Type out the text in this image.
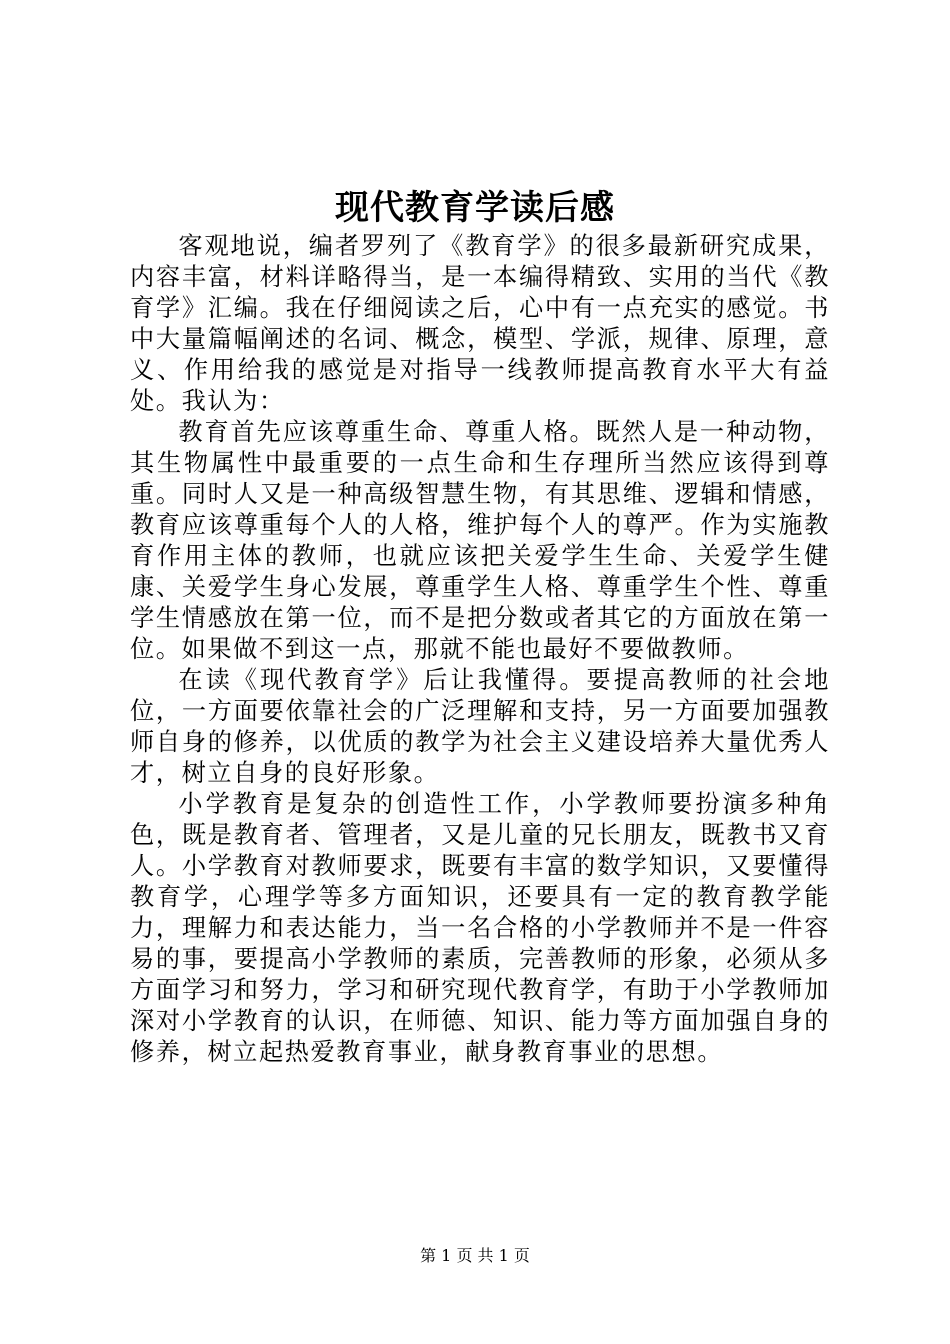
现代教育学读后感

客观地说，编者罗列了《教育学》的很多最新研究成果，内容丰富，材料详略得当，是一本编得精致、实用的当代《教育学》汇编。我在仔细阅读之后，心中有一点充实的感觉。书中大量篇幅阐述的名词、概念，模型、学派，规律、原理，意义、作用给我的感觉是对指导一线教师提高教育水平大有益处。我认为：

教育首先应该尊重生命、尊重人格。既然人是一种动物，其生物属性中最重要的一点生命和生存理所当然应该得到尊重。同时人又是一种高级智慧生物，有其思维、逻辑和情感，教育应该尊重每个人的人格，维护每个人的尊严。作为实施教育作用主体的教师，也就应该把关爱学生生命、关爱学生健康、关爱学生身心发展，尊重学生人格、尊重学生个性、尊重学生情感放在第一位，而不是把分数或者其它的方面放在第一位。如果做不到这一点，那就不能也最好不要做教师。

在读《现代教育学》后让我懂得。要提高教师的社会地位，一方面要依靠社会的广泛理解和支持，另一方面要加强教师自身的修养，以优质的教学为社会主义建设培养大量优秀人才，树立自身的良好形象。

小学教育是复杂的创造性工作，小学教师要扮演多种角色，既是教育者、管理者，又是儿童的兄长朋友，既教书又育人。小学教育对教师要求，既要有丰富的数学知识，又要懂得教育学，心理学等多方面知识，还要具有一定的教育教学能力，理解力和表达能力，当一名合格的小学教师并不是一件容易的事，要提高小学教师的素质，完善教师的形象，必须从多方面学习和努力，学习和研究现代教育学，有助于小学教师加深对小学教育的认识，在师德、知识、能力等方面加强自身的修养，树立起热爱教育事业，献身教育事业的思想。

第 1 页 共 1 页
